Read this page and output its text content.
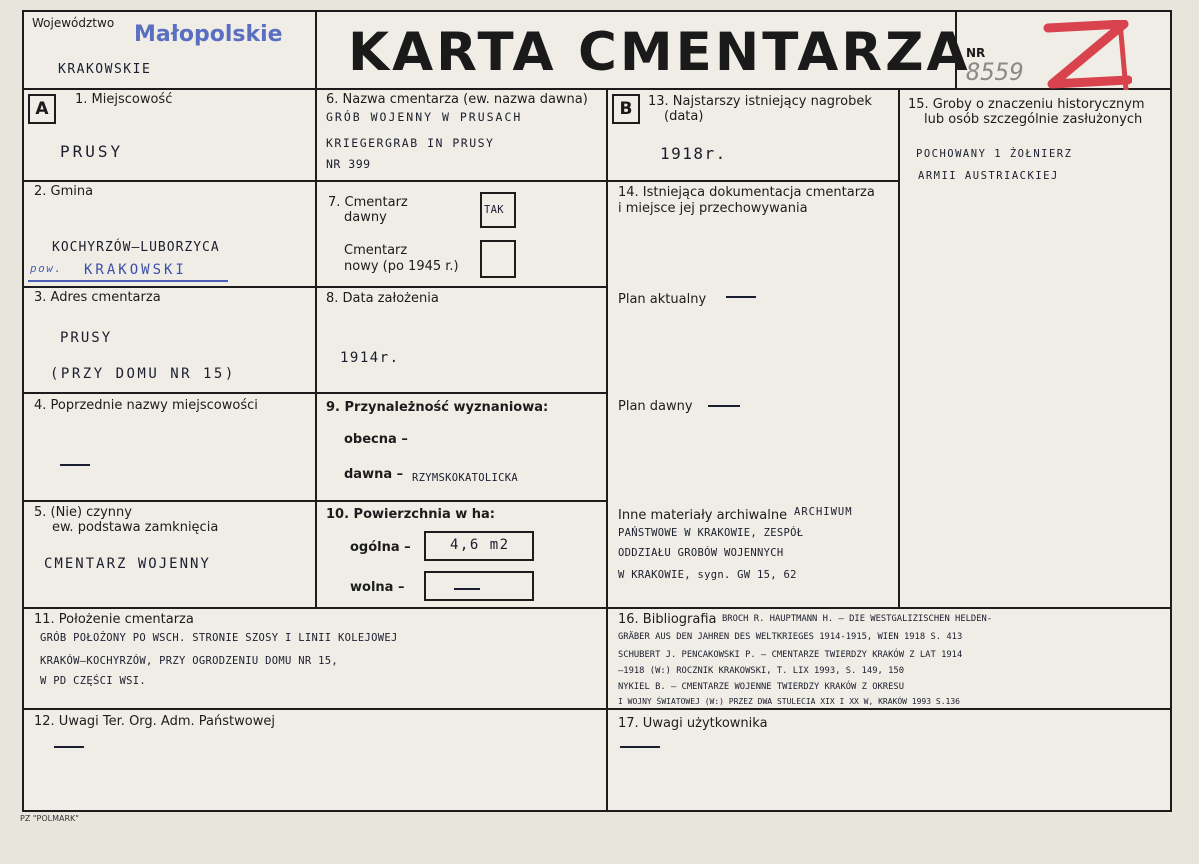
Województwo Małopolskie
KRAKOWSKIE	KARTA CMENTARZA
NR
8559
A	B
1. Miejscowość
PRUSY
2. Gmina
KOCHYRZÓW–LUBORZYCA
pow. KRAKOWSKI
3. Adres cmentarza
PRUSY
(PRZY DOMU NR 15)
4. Poprzednie nazwy miejscowości
5. (Nie) czynny
ew. podstawa zamknięcia
CMENTARZ WOJENNY
6. Nazwa cmentarza (ew. nazwa dawna)
GRÓB WOJENNY W PRUSACH
KRIEGERGRAB IN PRUSY
NR 399
7. Cmentarz
dawny	TAK
Cmentarz
nowy (po 1945 r.)
8. Data założenia
1914r.
9. Przynależność wyznaniowa:
obecna –
dawna – RZYMSKOKATOLICKA
10. Powierzchnia w ha:
ogólna –	4,6 m2
wolna –
13. Najstarszy istniejący nagrobek
(data)
1918r.
14. Istniejąca dokumentacja cmentarza
i miejsce jej przechowywania
Plan aktualny
Plan dawny
Inne materiały archiwalne ARCHIWUM
PAŃSTWOWE W KRAKOWIE, ZESPÓŁ
ODDZIAŁU GROBÓW WOJENNYCH
W KRAKOWIE, sygn. GW 15, 62
15. Groby o znaczeniu historycznym
lub osób szczególnie zasłużonych
POCHOWANY 1 ŻOŁNIERZ
ARMII AUSTRIACKIEJ
11. Położenie cmentarza
GRÓB POŁOŻONY PO WSCH. STRONIE SZOSY I LINII KOLEJOWEJ
KRAKÓW–KOCHYRZÓW, PRZY OGRODZENIU DOMU NR 15,
W PD CZĘŚCI WSI.
16. Bibliografia BROCH R. HAUPTMANN H. – DIE WESTGALIZISCHEN HELDEN-
GRÄBER AUS DEN JAHREN DES WELTKRIEGES 1914-1915, WIEN 1918 S. 413
SCHUBERT J. PENCAKOWSKI P. – CMENTARZE TWIERDZY KRAKÓW Z LAT 1914
–1918 (W:) ROCZNIK KRAKOWSKI, T. LIX 1993, S. 149, 150
NYKIEL B. – CMENTARZE WOJENNE TWIERDZY KRAKÓW Z OKRESU
I WOJNY ŚWIATOWEJ (W:) PRZEZ DWA STULECIA XIX I XX W, KRAKÓW 1993 S.136
12. Uwagi Ter. Org. Adm. Państwowej	17. Uwagi użytkownika
PZ "POLMARK"
